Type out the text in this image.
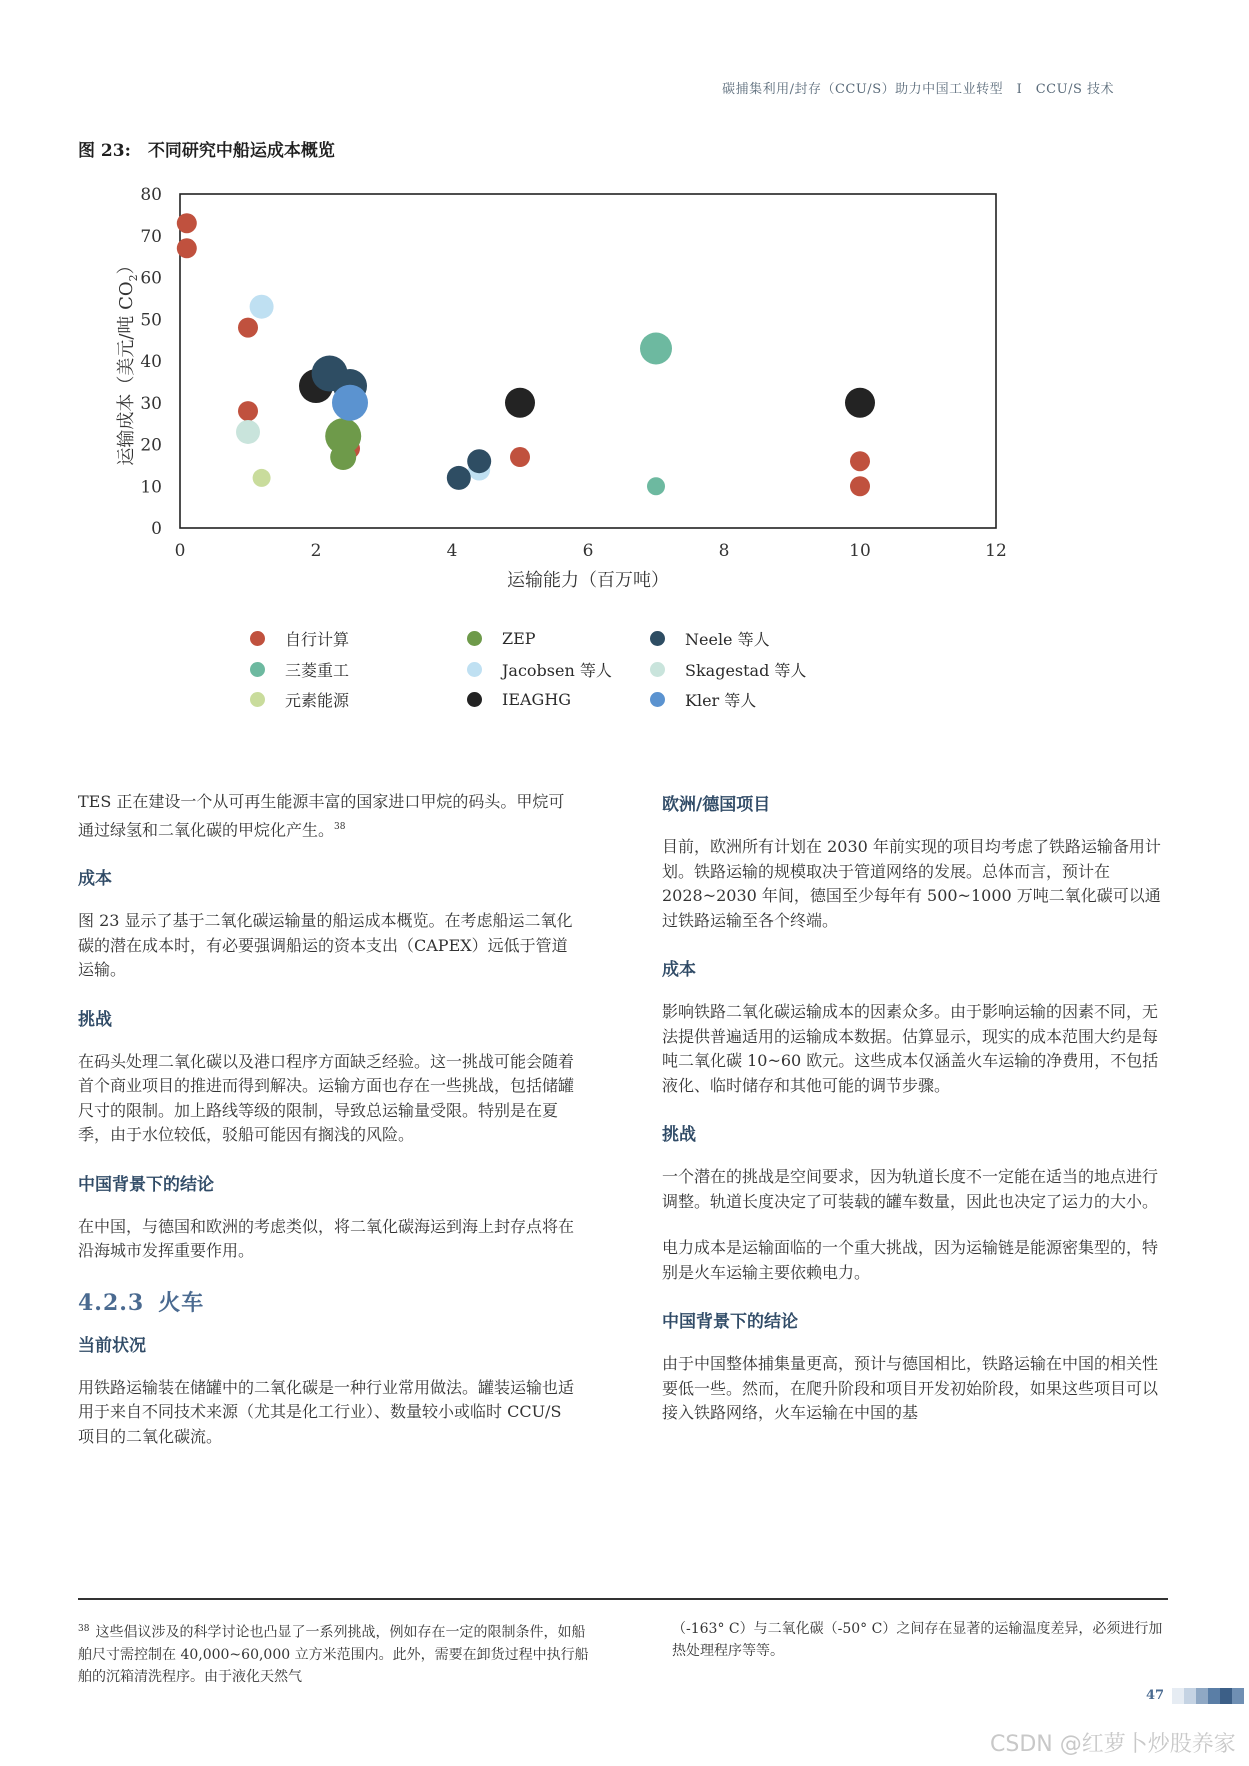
碳捕集利用/封存（CCU/S）助力中国工业转型　I　CCU/S 技术
图 23:　不同研究中船运成本概览
0
10
20
30
40
50
60
70
80
0	2	4	6	8	10	12
运输能力（百万吨）
运输成本（美元/吨 $CO_2$）
自行计算
三菱重工
元素能源
ZEP
Jacobsen 等人
IEAGHG
Neele 等人
Skagestad 等人
Kler 等人

TES 正在建设一个从可再生能源丰富的国家进口甲烷的码头。甲烷可通过绿氢和二氧化碳的甲烷化产生。$^{38}$

成本

图 23 显示了基于二氧化碳运输量的船运成本概览。在考虑船运二氧化碳的潜在成本时，有必要强调船运的资本支出（CAPEX）远低于管道运输。

挑战

在码头处理二氧化碳以及港口程序方面缺乏经验。这一挑战可能会随着首个商业项目的推进而得到解决。运输方面也存在一些挑战，包括储罐尺寸的限制。加上路线等级的限制，导致总运输量受限。特别是在夏季，由于水位较低，驳船可能因有搁浅的风险。

中国背景下的结论

在中国，与德国和欧洲的考虑类似，将二氧化碳海运到海上封存点将在沿海城市发挥重要作用。

4.2.3 火车
当前状况

用铁路运输装在储罐中的二氧化碳是一种行业常用做法。罐装运输也适用于来自不同技术来源（尤其是化工行业）、数量较小或临时 CCU/S 项目的二氧化碳流。

欧洲/德国项目

目前，欧洲所有计划在 2030 年前实现的项目均考虑了铁路运输备用计划。铁路运输的规模取决于管道网络的发展。总体而言，预计在 2028~2030 年间，德国至少每年有 500~1000 万吨二氧化碳可以通过铁路运输至各个终端。

成本

影响铁路二氧化碳运输成本的因素众多。由于影响运输的因素不同，无法提供普遍适用的运输成本数据。估算显示，现实的成本范围大约是每吨二氧化碳 10~60 欧元。这些成本仅涵盖火车运输的净费用，不包括液化、临时储存和其他可能的调节步骤。

挑战

一个潜在的挑战是空间要求，因为轨道长度不一定能在适当的地点进行调整。轨道长度决定了可装载的罐车数量，因此也决定了运力的大小。

电力成本是运输面临的一个重大挑战，因为运输链是能源密集型的，特别是火车运输主要依赖电力。

中国背景下的结论

由于中国整体捕集量更高，预计与德国相比，铁路运输在中国的相关性要低一些。然而，在爬升阶段和项目开发初始阶段，如果这些项目可以接入铁路网络，火车运输在中国的基

$^{38}$ 这些倡议涉及的科学讨论也凸显了一系列挑战，例如存在一定的限制条件，如船舶尺寸需控制在 40,000~60,000 立方米范围内。此外，需要在卸货过程中执行船舶的沉箱清洗程序。由于液化天然气
（-163° C）与二氧化碳（-50° C）之间存在显著的运输温度差异，必须进行加热处理程序等等。
47
CSDN @红萝卜炒股养家
